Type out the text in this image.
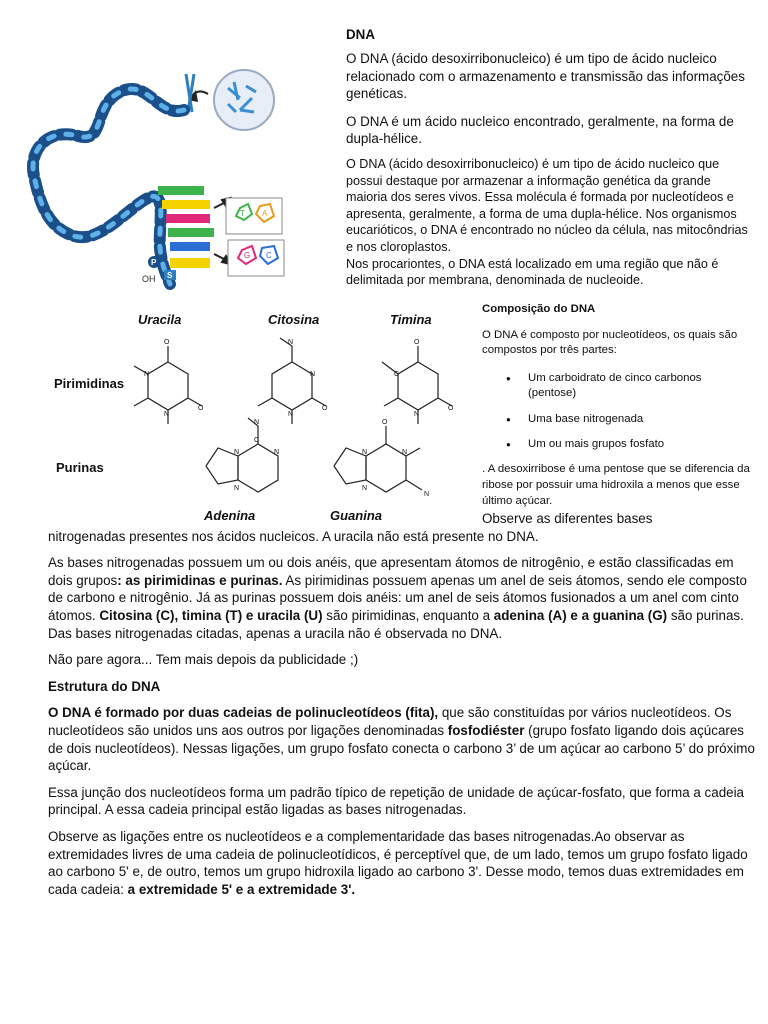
P
S
OH
T A
G C

DNA

O DNA (ácido desoxirribonucleico) é um tipo de ácido nucleico relacionado com o armazenamento e transmissão das informações genéticas.

O DNA é um ácido nucleico encontrado, geralmente, na forma de dupla-hélice.

O DNA (ácido desoxirribonucleico) é um tipo de ácido nucleico que possui destaque por armazenar a informação genética da grande maioria dos seres vivos. Essa molécula é formada por nucleotídeos e apresenta, geralmente, a forma de uma dupla-hélice. Nos organismos eucarióticos, o DNA é encontrado no núcleo da célula, nas mitocôndrias e nos cloroplastos.

Nos procariontes, o DNA está localizado em uma região que não é delimitada por membrana, denominada de nucleoide.

Uracila	Citosina	Timina
Adenina	Guanina
Pirimidinas
Purinas
O
O
N
N
N
O
N
N
O
O
N
C
N
C
N	N
N
O
N	N
N
N

Composição do DNA

O DNA é composto por nucleotídeos, os quais são compostos por três partes:

● Um carboidrato de cinco carbonos (pentose)
● Uma base nitrogenada
● Um ou mais grupos fosfato

. A desoxirribose é uma pentose que se diferencia da ribose por possuir uma hidroxila a menos que esse último açúcar.

Observe as diferentes bases

nitrogenadas presentes nos ácidos nucleicos. A uracila não está presente no DNA.

As bases nitrogenadas possuem um ou dois anéis, que apresentam átomos de nitrogênio, e estão classificadas em dois grupos: as pirimidinas e purinas. As pirimidinas possuem apenas um anel de seis átomos, sendo ele composto de carbono e nitrogênio. Já as purinas possuem dois anéis: um anel de seis átomos fusionados a um anel com cinto átomos. Citosina (C), timina (T) e uracila (U) são pirimidinas, enquanto a adenina (A) e a guanina (G) são purinas. Das bases nitrogenadas citadas, apenas a uracila não é observada no DNA.

Não pare agora... Tem mais depois da publicidade ;)

Estrutura do DNA

O DNA é formado por duas cadeias de polinucleotídeos (fita), que são constituídas por vários nucleotídeos. Os nucleotídeos são unidos uns aos outros por ligações denominadas fosfodiéster (grupo fosfato ligando dois açúcares de dois nucleotídeos). Nessas ligações, um grupo fosfato conecta o carbono 3’ de um açúcar ao carbono 5’ do próximo açúcar.

Essa junção dos nucleotídeos forma um padrão típico de repetição de unidade de açúcar-fosfato, que forma a cadeia principal. A essa cadeia principal estão ligadas as bases nitrogenadas.

Observe as ligações entre os nucleotídeos e a complementaridade das bases nitrogenadas.Ao observar as extremidades livres de uma cadeia de polinucleotídicos, é perceptível que, de um lado, temos um grupo fosfato ligado ao carbono 5' e, de outro, temos um grupo hidroxila ligado ao carbono 3'. Desse modo, temos duas extremidades em cada cadeia: a extremidade 5' e a extremidade 3'.
